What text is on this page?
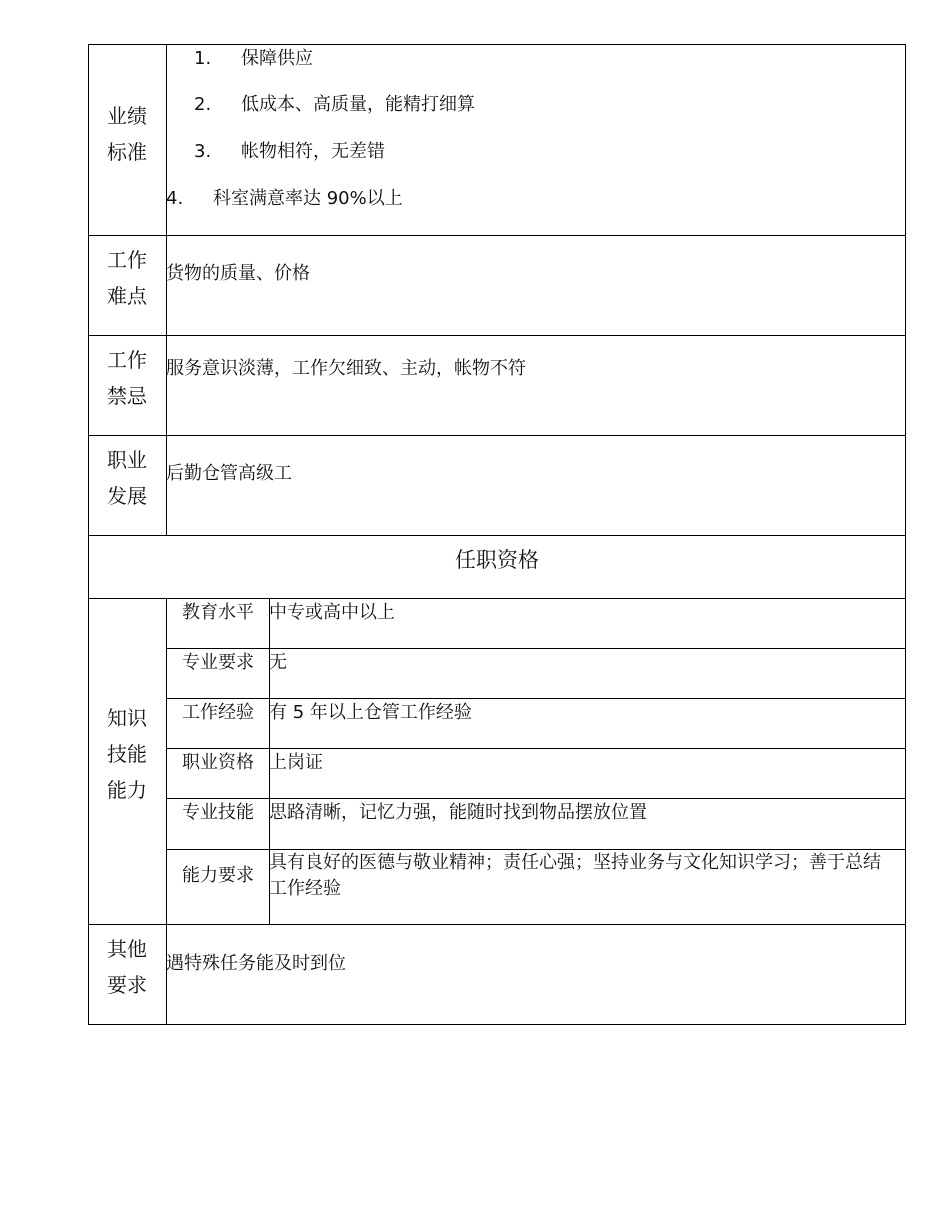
业绩
标准
1. 保障供应
2. 低成本、高质量，能精打细算
3. 帐物相符，无差错
4. 科室满意率达 90%以上
工作
难点
货物的质量、价格
工作
禁忌
服务意识淡薄，工作欠细致、主动，帐物不符
职业
发展
后勤仓管高级工
任职资格
知识
技能
能力
教育水平 中专或高中以上
专业要求 无
工作经验 有 5 年以上仓管工作经验
职业资格 上岗证
专业技能 思路清晰，记忆力强，能随时找到物品摆放位置
能力要求
具有良好的医德与敬业精神；责任心强；坚持业务与文化知识学习；善于总结工作经验
其他
要求
遇特殊任务能及时到位
